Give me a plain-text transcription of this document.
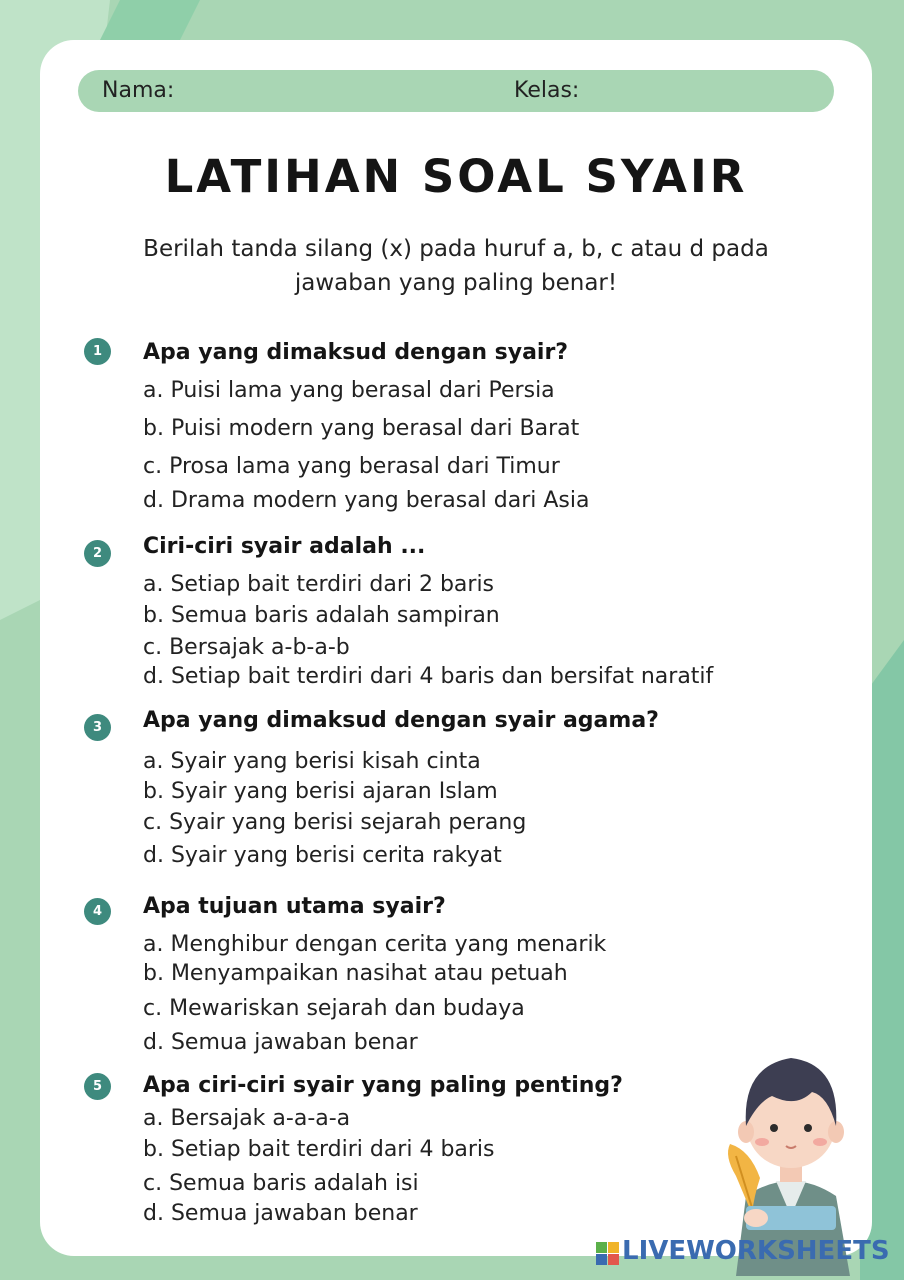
Nama:	Kelas:
LATIHAN SOAL SYAIR
Berilah tanda silang (x) pada huruf a, b, c atau d pada jawaban yang paling benar!
1	Apa yang dimaksud dengan syair?
a. Puisi lama yang berasal dari Persia
b. Puisi modern yang berasal dari Barat
c. Prosa lama yang berasal dari Timur
d. Drama modern yang berasal dari Asia
2	Ciri-ciri syair adalah ...
a. Setiap bait terdiri dari 2 baris
b. Semua baris adalah sampiran
c. Bersajak a-b-a-b
d. Setiap bait terdiri dari 4 baris dan bersifat naratif
3	Apa yang dimaksud dengan syair agama?
a. Syair yang berisi kisah cinta
b. Syair yang berisi ajaran Islam
c. Syair yang berisi sejarah perang
d. Syair yang berisi cerita rakyat
4	Apa tujuan utama syair?
a. Menghibur dengan cerita yang menarik
b. Menyampaikan nasihat atau petuah
c. Mewariskan sejarah dan budaya
d. Semua jawaban benar
5	Apa ciri-ciri syair yang paling penting?
a. Bersajak a-a-a-a
b. Setiap bait terdiri dari 4 baris
c. Semua baris adalah isi
d. Semua jawaban benar
LIVEWORKSHEETS
